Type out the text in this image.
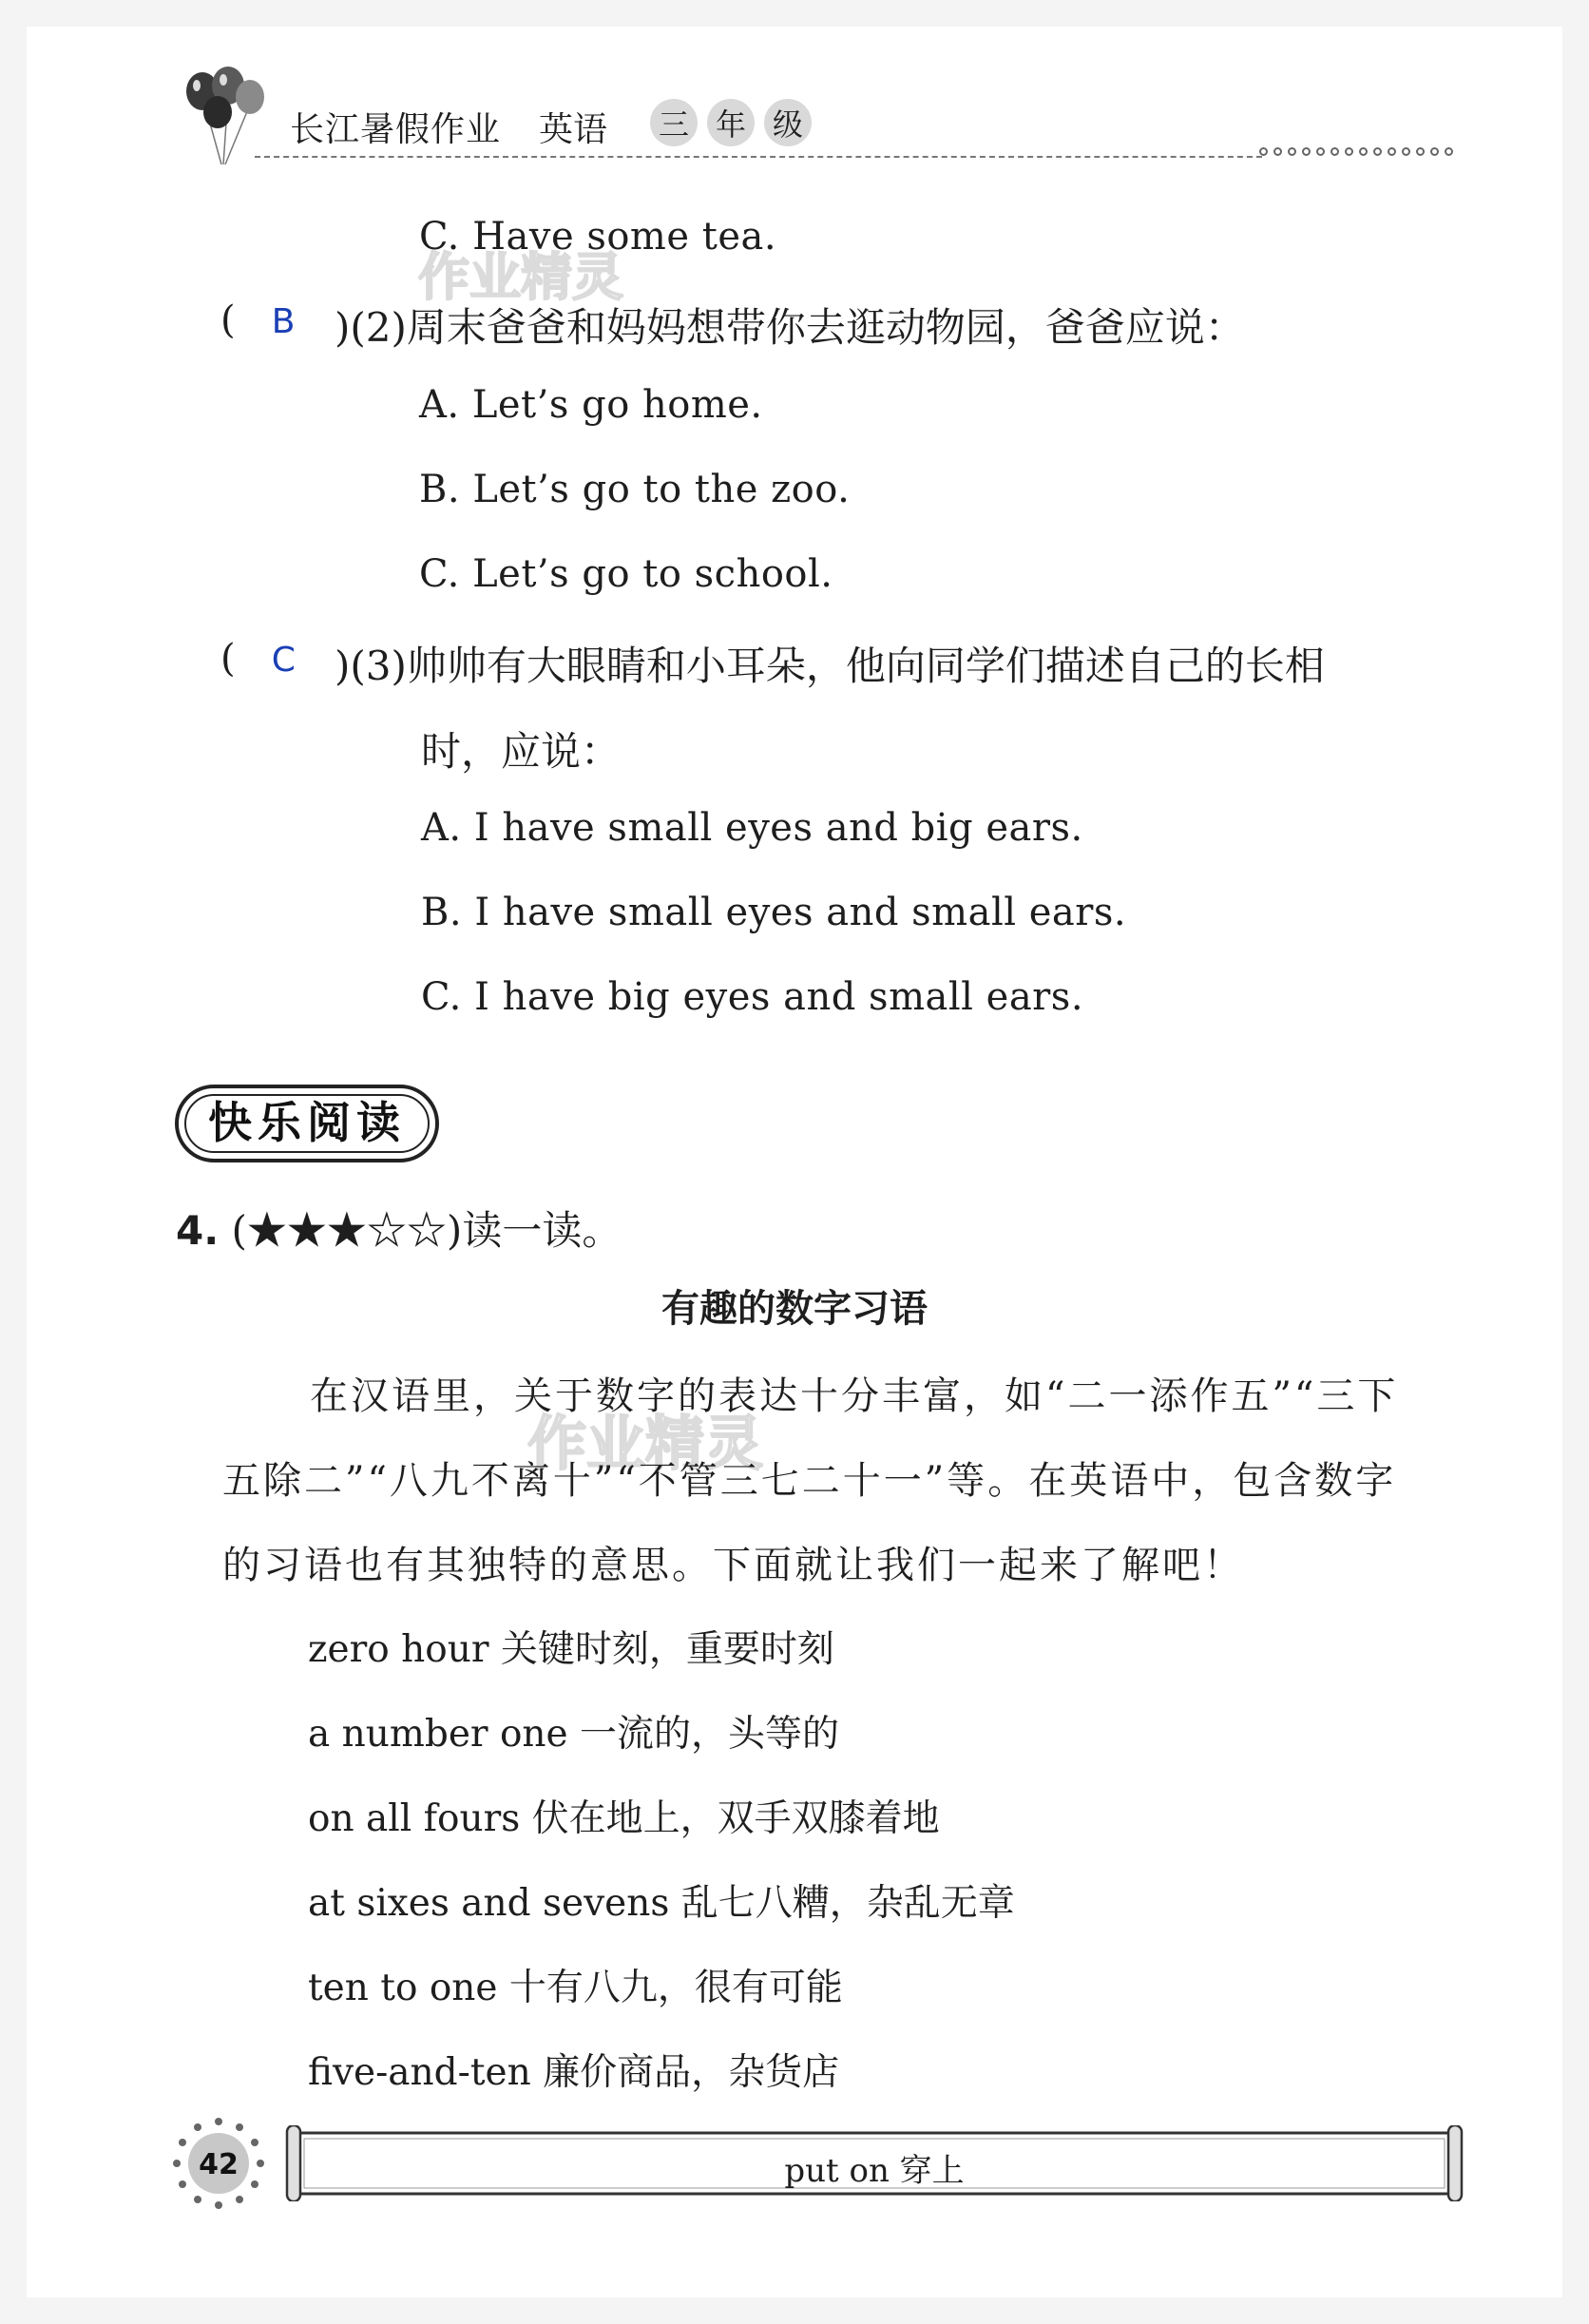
长江暑假作业 英语 三 年 级
C. Have some tea.
作业精灵
(   B )(2)周末爸爸和妈妈想带你去逛动物园，爸爸应说：
A. Let’s go home.
B. Let’s go to the zoo.
C. Let’s go to school.
(   C )(3)帅帅有大眼睛和小耳朵，他向同学们描述自己的长相
时，应说：
A. I have small eyes and big ears.
B. I have small eyes and small ears.
C. I have big eyes and small ears.
快乐阅读
4. (★★★☆☆)读一读。
有趣的数字习语
作业精灵
在汉语里，关于数字的表达十分丰富，如“二一添作五”“三下
五除二”“八九不离十”“不管三七二十一”等。在英语中，包含数字
的习语也有其独特的意思。下面就让我们一起来了解吧！
zero hour 关键时刻，重要时刻
a number one 一流的，头等的
on all fours 伏在地上，双手双膝着地
at sixes and sevens 乱七八糟，杂乱无章
ten to one 十有八九，很有可能
five-and-ten 廉价商品，杂货店
42	put on 穿上
